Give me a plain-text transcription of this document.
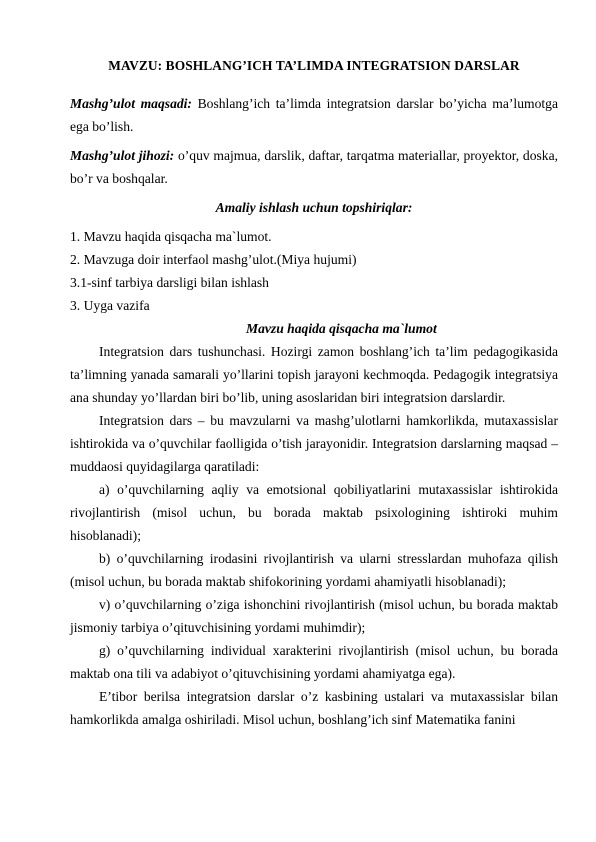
MAVZU: BOSHLANG’ICH TA’LIMDA INTEGRATSION DARSLAR

Mashg’ulot maqsadi: Boshlang’ich ta’limda integratsion darslar bo’yicha ma’lumotga ega bo’lish.

Mashg’ulot jihozi: o’quv majmua, darslik, daftar, tarqatma materiallar, proyektor, doska, bo’r va boshqalar.

Amaliy ishlash uchun topshiriqlar:
1. Mavzu haqida qisqacha ma`lumot.
2. Mavzuga doir interfaol mashg’ulot.(Miya hujumi)
3.1-sinf tarbiya darsligi bilan ishlash
3. Uyga vazifa
Mavzu haqida qisqacha ma`lumot

Integratsion dars tushunchasi. Hozirgi zamon boshlang’ich ta’lim pedagogikasida ta’limning yanada samarali yo’llarini topish jarayoni kechmoqda. Pedagogik integratsiya ana shunday yo’llardan biri bo’lib, uning asoslaridan biri integratsion darslardir.

Integratsion dars – bu mavzularni va mashg’ulotlarni hamkorlikda, mutaxassislar ishtirokida va o’quvchilar faolligida o’tish jarayonidir. Integratsion darslarning maqsad – muddaosi quyidagilarga qaratiladi:

a) o’quvchilarning aqliy va emotsional qobiliyatlarini mutaxassislar ishtirokida rivojlantirish (misol uchun, bu borada maktab psixologining ishtiroki muhim hisoblanadi);

b) o’quvchilarning irodasini rivojlantirish va ularni stresslardan muhofaza qilish (misol uchun, bu borada maktab shifokorining yordami ahamiyatli hisoblanadi);

v) o’quvchilarning o’ziga ishonchini rivojlantirish (misol uchun, bu borada maktab jismoniy tarbiya o’qituvchisining yordami muhimdir);

g) o’quvchilarning individual xarakterini rivojlantirish (misol uchun, bu borada maktab ona tili va adabiyot o’qituvchisining yordami ahamiyatga ega).

E’tibor berilsa integratsion darslar o’z kasbining ustalari va mutaxassislar bilan hamkorlikda amalga oshiriladi. Misol uchun, boshlang’ich sinf Matematika fanini
